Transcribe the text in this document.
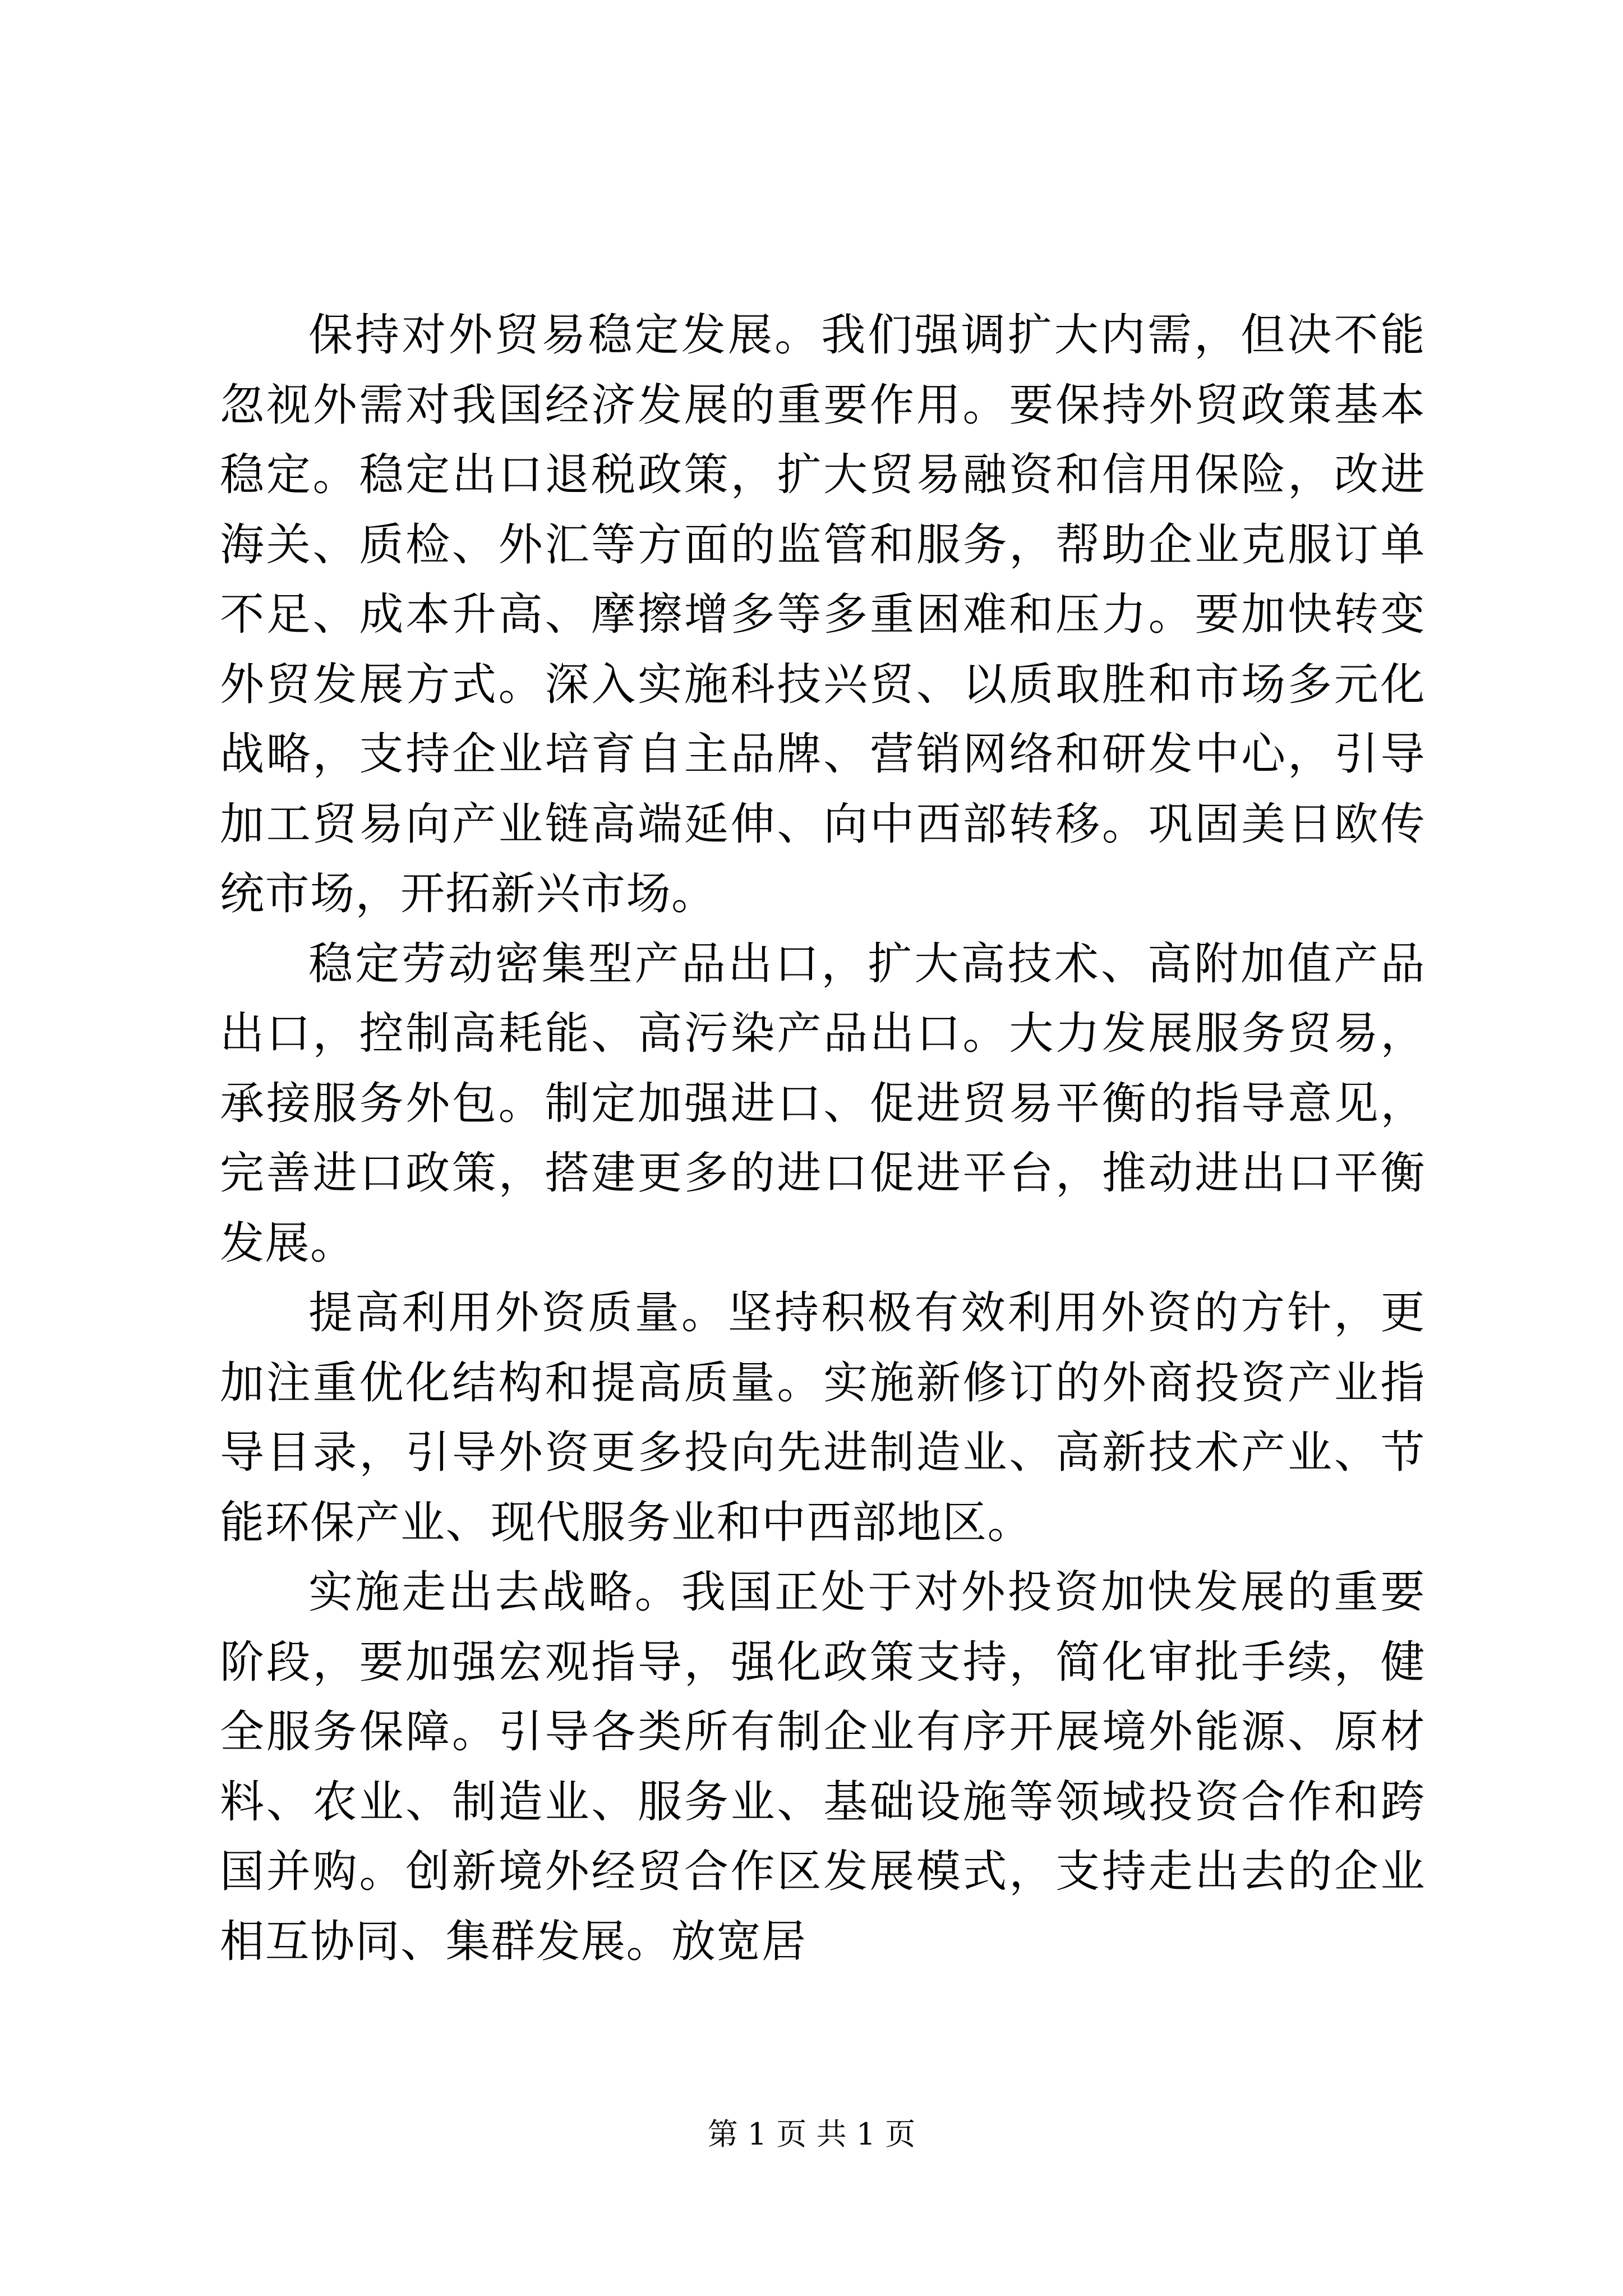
保持对外贸易稳定发展。我们强调扩大内需，但决不能忽视外需对我国经济发展的重要作用。要保持外贸政策基本稳定。稳定出口退税政策，扩大贸易融资和信用保险，改进海关、质检、外汇等方面的监管和服务，帮助企业克服订单不足、成本升高、摩擦增多等多重困难和压力。要加快转变外贸发展方式。深入实施科技兴贸、以质取胜和市场多元化战略，支持企业培育自主品牌、营销网络和研发中心，引导加工贸易向产业链高端延伸、向中西部转移。巩固美日欧传统市场，开拓新兴市场。

稳定劳动密集型产品出口，扩大高技术、高附加值产品出口，控制高耗能、高污染产品出口。大力发展服务贸易，承接服务外包。制定加强进口、促进贸易平衡的指导意见，完善进口政策，搭建更多的进口促进平台，推动进出口平衡发展。

提高利用外资质量。坚持积极有效利用外资的方针，更加注重优化结构和提高质量。实施新修订的外商投资产业指导目录，引导外资更多投向先进制造业、高新技术产业、节能环保产业、现代服务业和中西部地区。

实施走出去战略。我国正处于对外投资加快发展的重要阶段，要加强宏观指导，强化政策支持，简化审批手续，健全服务保障。引导各类所有制企业有序开展境外能源、原材料、农业、制造业、服务业、基础设施等领域投资合作和跨国并购。创新境外经贸合作区发展模式，支持走出去的企业相互协同、集群发展。放宽居

第 1 页 共 1 页
